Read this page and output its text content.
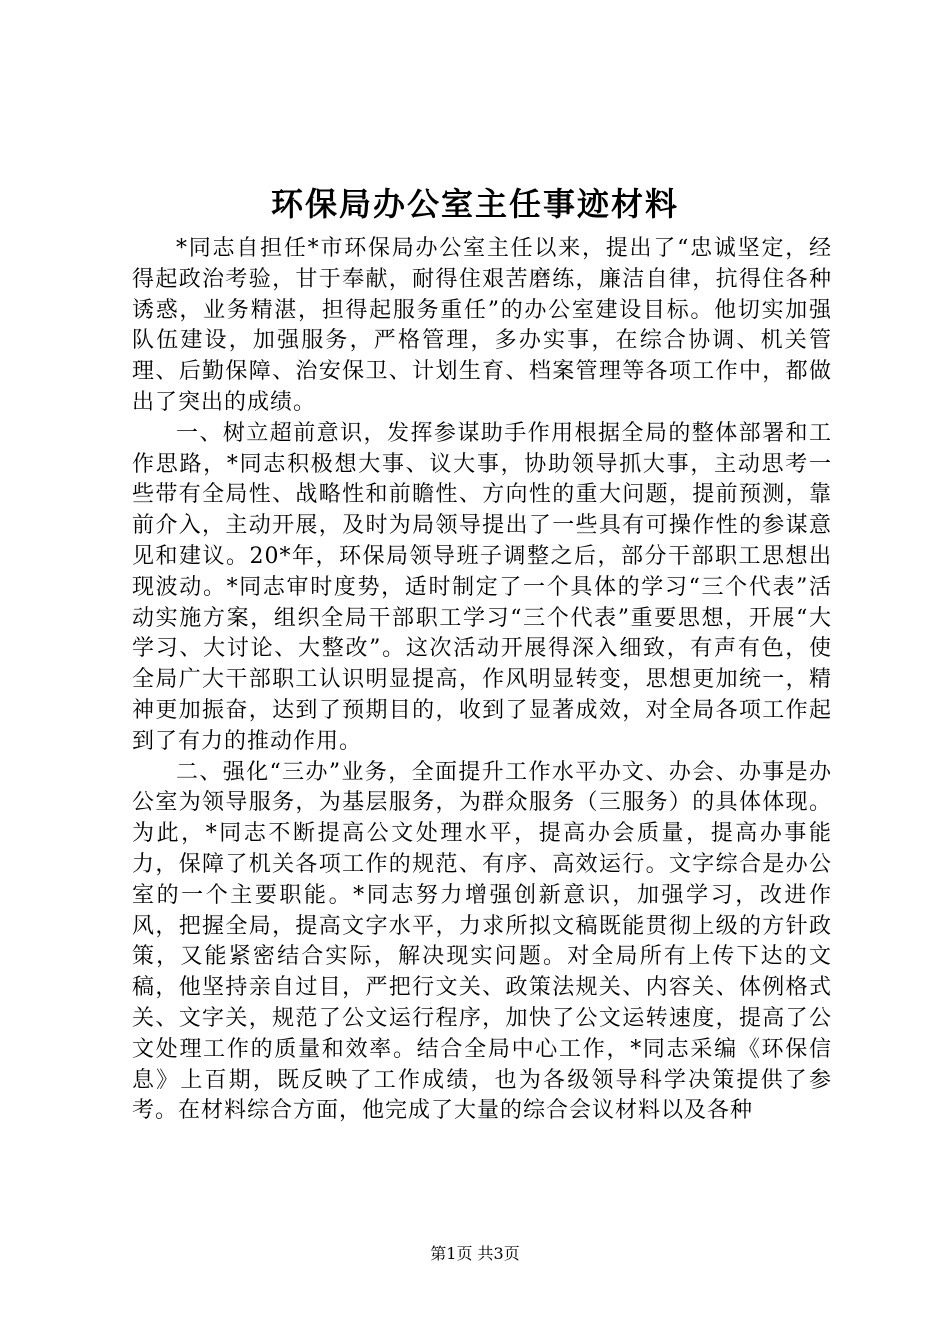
环保局办公室主任事迹材料

*同志自担任*市环保局办公室主任以来，提出了“忠诚坚定，经得起政治考验，甘于奉献，耐得住艰苦磨练，廉洁自律，抗得住各种诱惑，业务精湛，担得起服务重任”的办公室建设目标。他切实加强队伍建设，加强服务，严格管理，多办实事，在综合协调、机关管理、后勤保障、治安保卫、计划生育、档案管理等各项工作中，都做出了突出的成绩。

一、树立超前意识，发挥参谋助手作用根据全局的整体部署和工作思路，*同志积极想大事、议大事，协助领导抓大事，主动思考一些带有全局性、战略性和前瞻性、方向性的重大问题，提前预测，靠前介入，主动开展，及时为局领导提出了一些具有可操作性的参谋意见和建议。20*年，环保局领导班子调整之后，部分干部职工思想出现波动。*同志审时度势，适时制定了一个具体的学习“三个代表”活动实施方案，组织全局干部职工学习“三个代表”重要思想，开展“大学习、大讨论、大整改”。这次活动开展得深入细致，有声有色，使全局广大干部职工认识明显提高，作风明显转变，思想更加统一，精神更加振奋，达到了预期目的，收到了显著成效，对全局各项工作起到了有力的推动作用。

二、强化“三办”业务，全面提升工作水平办文、办会、办事是办公室为领导服务，为基层服务，为群众服务（三服务）的具体体现。为此，*同志不断提高公文处理水平，提高办会质量，提高办事能力，保障了机关各项工作的规范、有序、高效运行。文字综合是办公室的一个主要职能。*同志努力增强创新意识，加强学习，改进作风，把握全局，提高文字水平，力求所拟文稿既能贯彻上级的方针政策，又能紧密结合实际，解决现实问题。对全局所有上传下达的文稿，他坚持亲自过目，严把行文关、政策法规关、内容关、体例格式关、文字关，规范了公文运行程序，加快了公文运转速度，提高了公文处理工作的质量和效率。结合全局中心工作，*同志采编《环保信息》上百期，既反映了工作成绩，也为各级领导科学决策提供了参考。在材料综合方面，他完成了大量的综合会议材料以及各种

第1页 共3页
